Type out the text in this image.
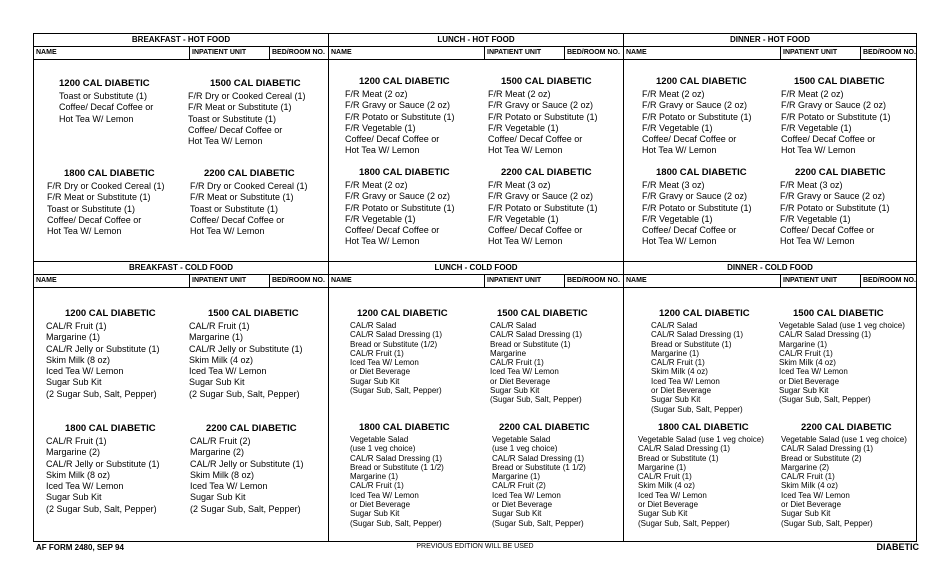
BREAKFAST - HOT FOOD
NAME	INPATIENT UNIT	BED/ROOM NO.
1200 CAL DIABETIC
Toast or Substitute (1)
Coffee/ Decaf Coffee or
Hot Tea W/ Lemon
1500 CAL DIABETIC
F/R Dry or Cooked Cereal (1)
F/R Meat or Substitute (1)
Toast or Substitute (1)
Coffee/ Decaf Coffee or
Hot Tea W/ Lemon
1800 CAL DIABETIC
F/R Dry or Cooked Cereal (1)
F/R Meat or Substitute (1)
Toast or Substitute (1)
Coffee/ Decaf Coffee or
Hot Tea W/ Lemon
2200 CAL DIABETIC
F/R Dry or Cooked Cereal (1)
F/R Meat or Substitute (1)
Toast or Substitute (1)
Coffee/ Decaf Coffee or
Hot Tea W/ Lemon
BREAKFAST - COLD FOOD
NAME	INPATIENT UNIT	BED/ROOM NO.
1200 CAL DIABETIC
CAL/R Fruit (1)
Margarine (1)
CAL/R Jelly or Substitute (1)
Skim Milk (8 oz)
Iced Tea W/ Lemon
Sugar Sub Kit
(2 Sugar Sub, Salt, Pepper)
1500 CAL DIABETIC
CAL/R Fruit (1)
Margarine (1)
CAL/R Jelly or Substitute (1)
Skim Milk (4 oz)
Iced Tea W/ Lemon
Sugar Sub Kit
(2 Sugar Sub, Salt, Pepper)
1800 CAL DIABETIC
CAL/R Fruit (1)
Margarine (2)
CAL/R Jelly or Substitute (1)
Skim Milk (8 oz)
Iced Tea W/ Lemon
Sugar Sub Kit
(2 Sugar Sub, Salt, Pepper)
2200 CAL DIABETIC
CAL/R Fruit (2)
Margarine (2)
CAL/R Jelly or Substitute (1)
Skim Milk (8 oz)
Iced Tea W/ Lemon
Sugar Sub Kit
(2 Sugar Sub, Salt, Pepper)
LUNCH - HOT FOOD
NAME	INPATIENT UNIT	BED/ROOM NO.
1200 CAL DIABETIC
F/R Meat (2 oz)
F/R Gravy or Sauce (2 oz)
F/R Potato or Substitute (1)
F/R Vegetable (1)
Coffee/ Decaf Coffee or
Hot Tea W/ Lemon
1500 CAL DIABETIC
F/R Meat (2 oz)
F/R Gravy or Sauce (2 oz)
F/R Potato or Substitute (1)
F/R Vegetable (1)
Coffee/ Decaf Coffee or
Hot Tea W/ Lemon
1800 CAL DIABETIC
F/R Meat (2 oz)
F/R Gravy or Sauce (2 oz)
F/R Potato or Substitute (1)
F/R Vegetable (1)
Coffee/ Decaf Coffee or
Hot Tea W/ Lemon
2200 CAL DIABETIC
F/R Meat (3 oz)
F/R Gravy or Sauce (2 oz)
F/R Potato or Substitute (1)
F/R Vegetable (1)
Coffee/ Decaf Coffee or
Hot Tea W/ Lemon
LUNCH - COLD FOOD
NAME	INPATIENT UNIT	BED/ROOM NO.
1200 CAL DIABETIC
CAL/R Salad
CAL/R Salad Dressing (1)
Bread or Substitute (1/2)
CAL/R Fruit (1)
Iced Tea W/ Lemon
or Diet Beverage
Sugar Sub Kit
(Sugar Sub, Salt, Pepper)
1500 CAL DIABETIC
CAL/R Salad
CAL/R Salad Dressing (1)
Bread or Substitute (1)
Margarine
CAL/R Fruit (1)
Iced Tea W/ Lemon
or Diet Beverage
Sugar Sub Kit
(Sugar Sub, Salt, Pepper)
1800 CAL DIABETIC
Vegetable Salad
(use 1 veg choice)
CAL/R Salad Dressing (1)
Bread or Substitute (1 1/2)
Margarine (1)
CAL/R Fruit (1)
Iced Tea W/ Lemon
or Diet Beverage
Sugar Sub Kit
(Sugar Sub, Salt, Pepper)
2200 CAL DIABETIC
Vegetable Salad
(use 1 veg choice)
CAL/R Salad Dressing (1)
Bread or Substitute (1 1/2)
Margarine (1)
CAL/R Fruit (2)
Iced Tea W/ Lemon
or Diet Beverage
Sugar Sub Kit
(Sugar Sub, Salt, Pepper)
DINNER - HOT FOOD
NAME	INPATIENT UNIT	BED/ROOM NO.
1200 CAL DIABETIC
F/R Meat (2 oz)
F/R Gravy or Sauce (2 oz)
F/R Potato or Substitute (1)
F/R Vegetable (1)
Coffee/ Decaf Coffee or
Hot Tea W/ Lemon
1500 CAL DIABETIC
F/R Meat (2 oz)
F/R Gravy or Sauce (2 oz)
F/R Potato or Substitute (1)
F/R Vegetable (1)
Coffee/ Decaf Coffee or
Hot Tea W/ Lemon
1800 CAL DIABETIC
F/R Meat (3 oz)
F/R Gravy or Sauce (2 oz)
F/R Potato or Substitute (1)
F/R Vegetable (1)
Coffee/ Decaf Coffee or
Hot Tea W/ Lemon
2200 CAL DIABETIC
F/R Meat (3 oz)
F/R Gravy or Sauce (2 oz)
F/R Potato or Substitute (1)
F/R Vegetable (1)
Coffee/ Decaf Coffee or
Hot Tea W/ Lemon
DINNER - COLD FOOD
NAME	INPATIENT UNIT	BED/ROOM NO.
1200 CAL DIABETIC
CAL/R Salad
CAL/R Salad Dressing (1)
Bread or Substitute (1)
Margarine (1)
CAL/R Fruit (1)
Skim Milk (4 oz)
Iced Tea W/ Lemon
or Diet Beverage
Sugar Sub Kit
(Sugar Sub, Salt, Pepper)
1500 CAL DIABETIC
Vegetable Salad (use 1 veg choice)
CAL/R Salad Dressing (1)
Margarine (1)
CAL/R Fruit (1)
Skim Milk (4 oz)
Iced Tea W/ Lemon
or Diet Beverage
Sugar Sub Kit
(Sugar Sub, Salt, Pepper)
1800 CAL DIABETIC
Vegetable Salad (use 1 veg choice)
CAL/R Salad Dressing (1)
Bread or Substitute (1)
Margarine (1)
CAL/R Fruit (1)
Skim Milk (4 oz)
Iced Tea W/ Lemon
or Diet Beverage
Sugar Sub Kit
(Sugar Sub, Salt, Pepper)
2200 CAL DIABETIC
Vegetable Salad (use 1 veg choice)
CAL/R Salad Dressing (1)
Bread or Substitute (2)
Margarine (2)
CAL/R Fruit (1)
Skim Milk (4 oz)
Iced Tea W/ Lemon
or Diet Beverage
Sugar Sub Kit
(Sugar Sub, Salt, Pepper)
AF FORM 2480, SEP 94	PREVIOUS EDITION WILL BE USED	DIABETIC
